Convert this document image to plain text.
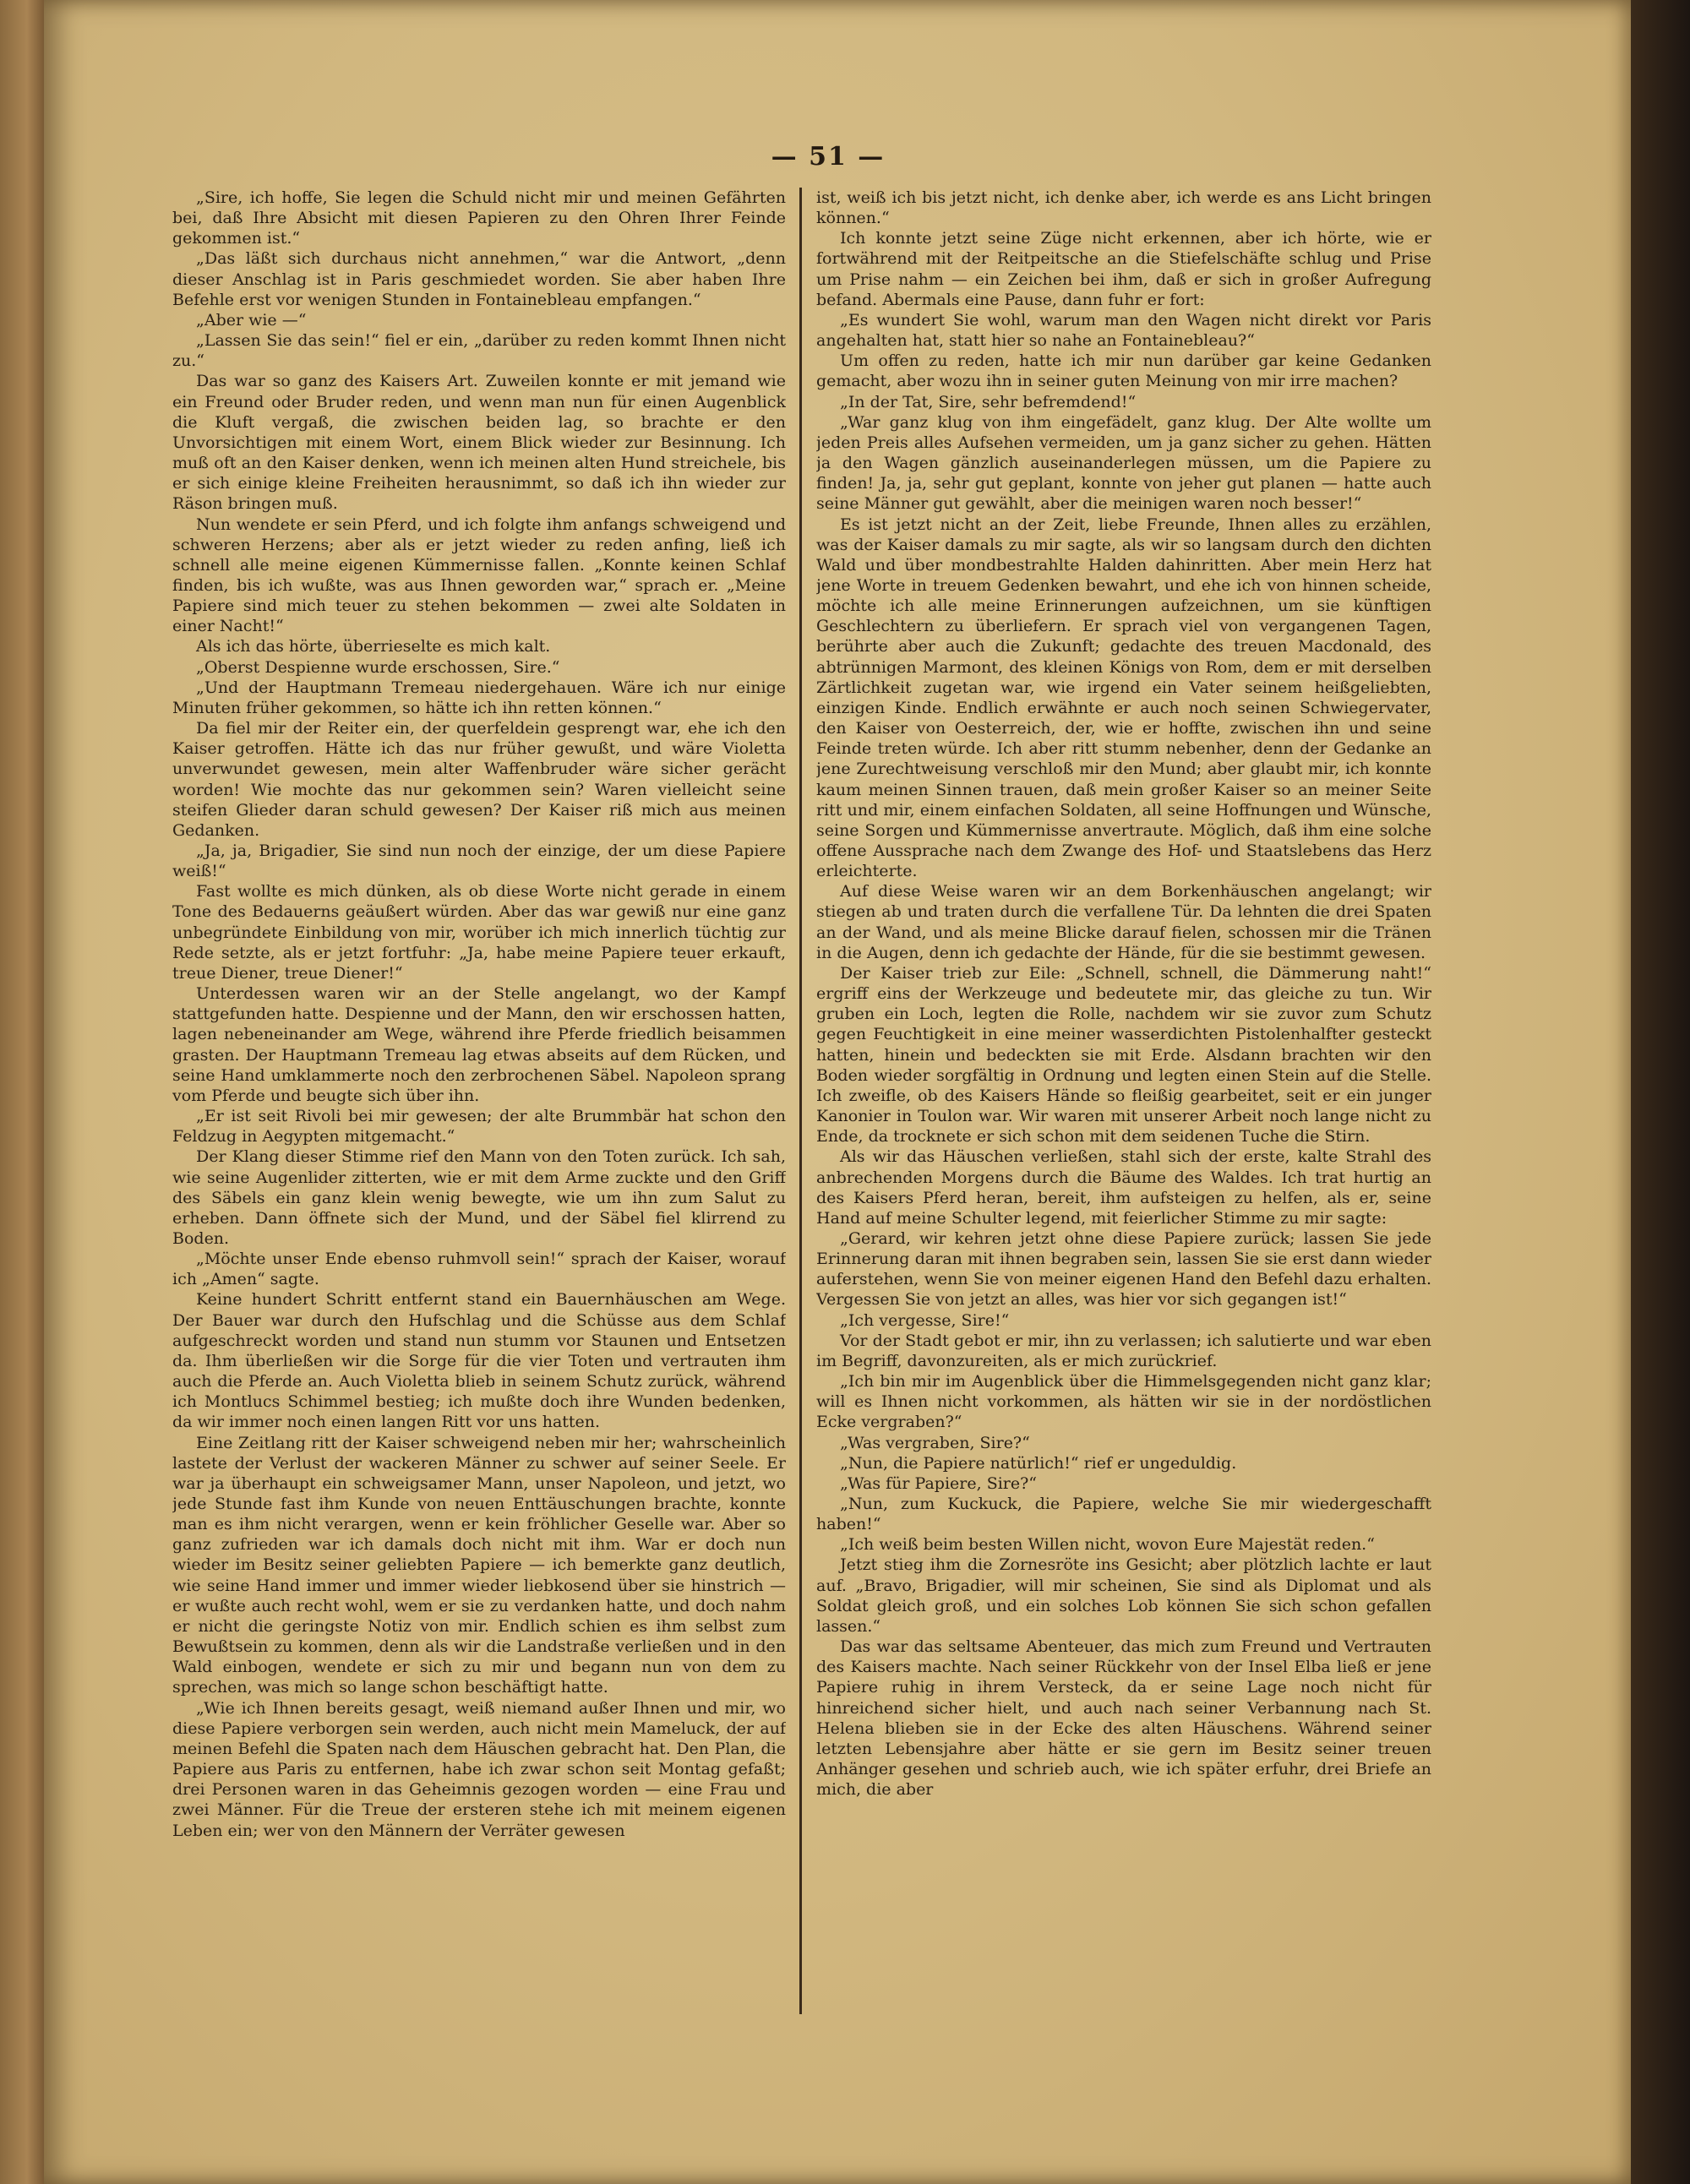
— 51 —

„Sire, ich hoffe, Sie legen die Schuld nicht mir und meinen Gefährten bei, daß Ihre Absicht mit diesen Papieren zu den Ohren Ihrer Feinde gekommen ist.“

„Das läßt sich durchaus nicht annehmen,“ war die Antwort, „denn dieser Anschlag ist in Paris geschmiedet worden. Sie aber haben Ihre Befehle erst vor wenigen Stunden in Fontainebleau empfangen.“

„Aber wie —“

„Lassen Sie das sein!“ fiel er ein, „darüber zu reden kommt Ihnen nicht zu.“

Das war so ganz des Kaisers Art. Zuweilen konnte er mit jemand wie ein Freund oder Bruder reden, und wenn man nun für einen Augenblick die Kluft vergaß, die zwischen beiden lag, so brachte er den Unvorsichtigen mit einem Wort, einem Blick wieder zur Besinnung. Ich muß oft an den Kaiser denken, wenn ich meinen alten Hund streichele, bis er sich einige kleine Freiheiten herausnimmt, so daß ich ihn wieder zur Räson bringen muß.

Nun wendete er sein Pferd, und ich folgte ihm anfangs schweigend und schweren Herzens; aber als er jetzt wieder zu reden anfing, ließ ich schnell alle meine eigenen Kümmernisse fallen. „Konnte keinen Schlaf finden, bis ich wußte, was aus Ihnen geworden war,“ sprach er. „Meine Papiere sind mich teuer zu stehen bekommen — zwei alte Soldaten in einer Nacht!“

Als ich das hörte, überrieselte es mich kalt.

„Oberst Despienne wurde erschossen, Sire.“

„Und der Hauptmann Tremeau niedergehauen. Wäre ich nur einige Minuten früher gekommen, so hätte ich ihn retten können.“

Da fiel mir der Reiter ein, der querfeldein gesprengt war, ehe ich den Kaiser getroffen. Hätte ich das nur früher gewußt, und wäre Violetta unverwundet gewesen, mein alter Waffenbruder wäre sicher gerächt worden! Wie mochte das nur gekommen sein? Waren vielleicht seine steifen Glieder daran schuld gewesen? Der Kaiser riß mich aus meinen Gedanken.

„Ja, ja, Brigadier, Sie sind nun noch der einzige, der um diese Papiere weiß!“

Fast wollte es mich dünken, als ob diese Worte nicht gerade in einem Tone des Bedauerns geäußert würden. Aber das war gewiß nur eine ganz unbegründete Einbildung von mir, worüber ich mich innerlich tüchtig zur Rede setzte, als er jetzt fortfuhr: „Ja, habe meine Papiere teuer erkauft, treue Diener, treue Diener!“

Unterdessen waren wir an der Stelle angelangt, wo der Kampf stattgefunden hatte. Despienne und der Mann, den wir erschossen hatten, lagen nebeneinander am Wege, während ihre Pferde friedlich beisammen grasten. Der Hauptmann Tremeau lag etwas abseits auf dem Rücken, und seine Hand umklammerte noch den zerbrochenen Säbel. Napoleon sprang vom Pferde und beugte sich über ihn.

„Er ist seit Rivoli bei mir gewesen; der alte Brummbär hat schon den Feldzug in Aegypten mitgemacht.“

Der Klang dieser Stimme rief den Mann von den Toten zurück. Ich sah, wie seine Augenlider zitterten, wie er mit dem Arme zuckte und den Griff des Säbels ein ganz klein wenig bewegte, wie um ihn zum Salut zu erheben. Dann öffnete sich der Mund, und der Säbel fiel klirrend zu Boden.

„Möchte unser Ende ebenso ruhmvoll sein!“ sprach der Kaiser, worauf ich „Amen“ sagte.

Keine hundert Schritt entfernt stand ein Bauernhäuschen am Wege. Der Bauer war durch den Hufschlag und die Schüsse aus dem Schlaf aufgeschreckt worden und stand nun stumm vor Staunen und Entsetzen da. Ihm überließen wir die Sorge für die vier Toten und vertrauten ihm auch die Pferde an. Auch Violetta blieb in seinem Schutz zurück, während ich Montlucs Schimmel bestieg; ich mußte doch ihre Wunden bedenken, da wir immer noch einen langen Ritt vor uns hatten.

Eine Zeitlang ritt der Kaiser schweigend neben mir her; wahrscheinlich lastete der Verlust der wackeren Männer zu schwer auf seiner Seele. Er war ja überhaupt ein schweigsamer Mann, unser Napoleon, und jetzt, wo jede Stunde fast ihm Kunde von neuen Enttäuschungen brachte, konnte man es ihm nicht verargen, wenn er kein fröhlicher Geselle war. Aber so ganz zufrieden war ich damals doch nicht mit ihm. War er doch nun wieder im Besitz seiner geliebten Papiere — ich bemerkte ganz deutlich, wie seine Hand immer und immer wieder liebkosend über sie hinstrich — er wußte auch recht wohl, wem er sie zu verdanken hatte, und doch nahm er nicht die geringste Notiz von mir. Endlich schien es ihm selbst zum Bewußtsein zu kommen, denn als wir die Landstraße verließen und in den Wald einbogen, wendete er sich zu mir und begann nun von dem zu sprechen, was mich so lange schon beschäftigt hatte.

„Wie ich Ihnen bereits gesagt, weiß niemand außer Ihnen und mir, wo diese Papiere verborgen sein werden, auch nicht mein Mameluck, der auf meinen Befehl die Spaten nach dem Häuschen gebracht hat. Den Plan, die Papiere aus Paris zu entfernen, habe ich zwar schon seit Montag gefaßt; drei Personen waren in das Geheimnis gezogen worden — eine Frau und zwei Männer. Für die Treue der ersteren stehe ich mit meinem eigenen Leben ein; wer von den Männern der Verräter gewesen

ist, weiß ich bis jetzt nicht, ich denke aber, ich werde es ans Licht bringen können.“

Ich konnte jetzt seine Züge nicht erkennen, aber ich hörte, wie er fortwährend mit der Reitpeitsche an die Stiefelschäfte schlug und Prise um Prise nahm — ein Zeichen bei ihm, daß er sich in großer Aufregung befand. Abermals eine Pause, dann fuhr er fort:

„Es wundert Sie wohl, warum man den Wagen nicht direkt vor Paris angehalten hat, statt hier so nahe an Fontainebleau?“

Um offen zu reden, hatte ich mir nun darüber gar keine Gedanken gemacht, aber wozu ihn in seiner guten Meinung von mir irre machen?

„In der Tat, Sire, sehr befremdend!“

„War ganz klug von ihm eingefädelt, ganz klug. Der Alte wollte um jeden Preis alles Aufsehen vermeiden, um ja ganz sicher zu gehen. Hätten ja den Wagen gänzlich auseinanderlegen müssen, um die Papiere zu finden! Ja, ja, sehr gut geplant, konnte von jeher gut planen — hatte auch seine Männer gut gewählt, aber die meinigen waren noch besser!“

Es ist jetzt nicht an der Zeit, liebe Freunde, Ihnen alles zu erzählen, was der Kaiser damals zu mir sagte, als wir so langsam durch den dichten Wald und über mondbestrahlte Halden dahinritten. Aber mein Herz hat jene Worte in treuem Gedenken bewahrt, und ehe ich von hinnen scheide, möchte ich alle meine Erinnerungen aufzeichnen, um sie künftigen Geschlechtern zu überliefern. Er sprach viel von vergangenen Tagen, berührte aber auch die Zukunft; gedachte des treuen Macdonald, des abtrünnigen Marmont, des kleinen Königs von Rom, dem er mit derselben Zärtlichkeit zugetan war, wie irgend ein Vater seinem heißgeliebten, einzigen Kinde. Endlich erwähnte er auch noch seinen Schwiegervater, den Kaiser von Oesterreich, der, wie er hoffte, zwischen ihn und seine Feinde treten würde. Ich aber ritt stumm nebenher, denn der Gedanke an jene Zurechtweisung verschloß mir den Mund; aber glaubt mir, ich konnte kaum meinen Sinnen trauen, daß mein großer Kaiser so an meiner Seite ritt und mir, einem einfachen Soldaten, all seine Hoffnungen und Wünsche, seine Sorgen und Kümmernisse anvertraute. Möglich, daß ihm eine solche offene Aussprache nach dem Zwange des Hof- und Staatslebens das Herz erleichterte.

Auf diese Weise waren wir an dem Borkenhäuschen angelangt; wir stiegen ab und traten durch die verfallene Tür. Da lehnten die drei Spaten an der Wand, und als meine Blicke darauf fielen, schossen mir die Tränen in die Augen, denn ich gedachte der Hände, für die sie bestimmt gewesen.

Der Kaiser trieb zur Eile: „Schnell, schnell, die Dämmerung naht!“ ergriff eins der Werkzeuge und bedeutete mir, das gleiche zu tun. Wir gruben ein Loch, legten die Rolle, nachdem wir sie zuvor zum Schutz gegen Feuchtigkeit in eine meiner wasserdichten Pistolenhalfter gesteckt hatten, hinein und bedeckten sie mit Erde. Alsdann brachten wir den Boden wieder sorgfältig in Ordnung und legten einen Stein auf die Stelle. Ich zweifle, ob des Kaisers Hände so fleißig gearbeitet, seit er ein junger Kanonier in Toulon war. Wir waren mit unserer Arbeit noch lange nicht zu Ende, da trocknete er sich schon mit dem seidenen Tuche die Stirn.

Als wir das Häuschen verließen, stahl sich der erste, kalte Strahl des anbrechenden Morgens durch die Bäume des Waldes. Ich trat hurtig an des Kaisers Pferd heran, bereit, ihm aufsteigen zu helfen, als er, seine Hand auf meine Schulter legend, mit feierlicher Stimme zu mir sagte:

„Gerard, wir kehren jetzt ohne diese Papiere zurück; lassen Sie jede Erinnerung daran mit ihnen begraben sein, lassen Sie sie erst dann wieder auferstehen, wenn Sie von meiner eigenen Hand den Befehl dazu erhalten. Vergessen Sie von jetzt an alles, was hier vor sich gegangen ist!“

„Ich vergesse, Sire!“

Vor der Stadt gebot er mir, ihn zu verlassen; ich salutierte und war eben im Begriff, davonzureiten, als er mich zurückrief.

„Ich bin mir im Augenblick über die Himmelsgegenden nicht ganz klar; will es Ihnen nicht vorkommen, als hätten wir sie in der nordöstlichen Ecke vergraben?“

„Was vergraben, Sire?“

„Nun, die Papiere natürlich!“ rief er ungeduldig.

„Was für Papiere, Sire?“

„Nun, zum Kuckuck, die Papiere, welche Sie mir wiedergeschafft haben!“

„Ich weiß beim besten Willen nicht, wovon Eure Majestät reden.“

Jetzt stieg ihm die Zornesröte ins Gesicht; aber plötzlich lachte er laut auf. „Bravo, Brigadier, will mir scheinen, Sie sind als Diplomat und als Soldat gleich groß, und ein solches Lob können Sie sich schon gefallen lassen.“

Das war das seltsame Abenteuer, das mich zum Freund und Vertrauten des Kaisers machte. Nach seiner Rückkehr von der Insel Elba ließ er jene Papiere ruhig in ihrem Versteck, da er seine Lage noch nicht für hinreichend sicher hielt, und auch nach seiner Verbannung nach St. Helena blieben sie in der Ecke des alten Häuschens. Während seiner letzten Lebensjahre aber hätte er sie gern im Besitz seiner treuen Anhänger gesehen und schrieb auch, wie ich später erfuhr, drei Briefe an mich, die aber
